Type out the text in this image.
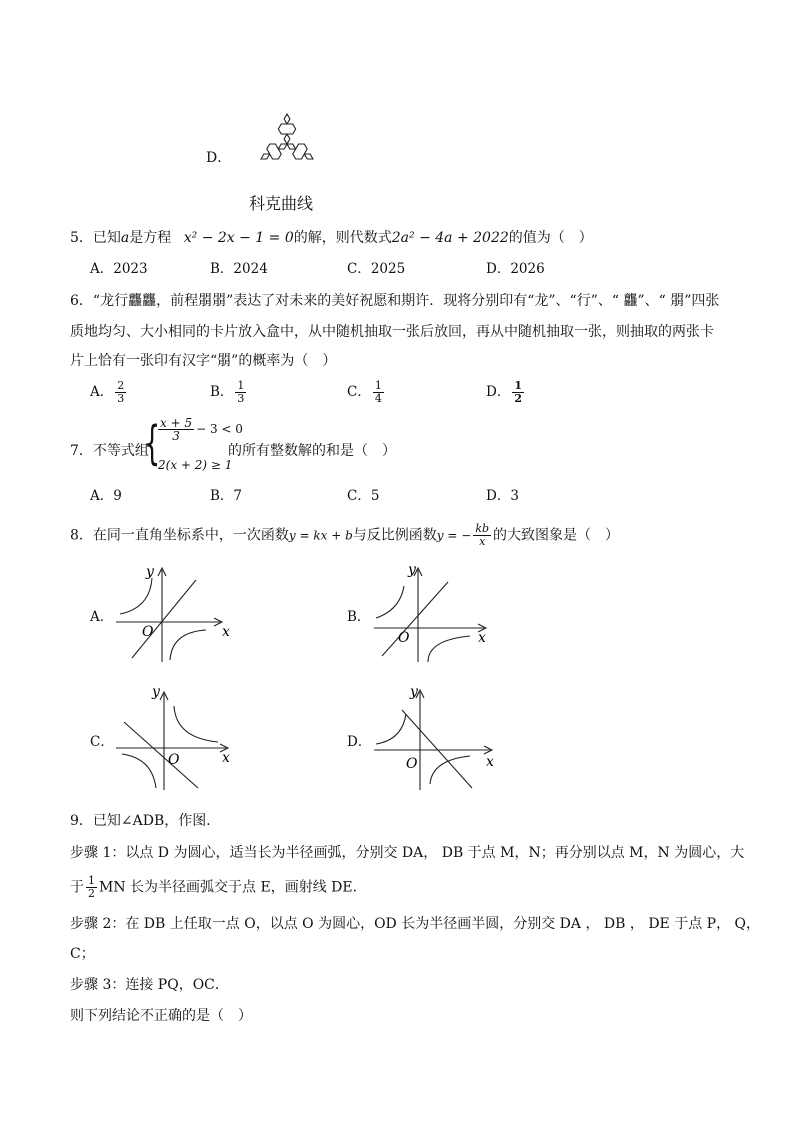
D．
科克曲线
5．已知a是方程 x² − 2x − 1 = 0的解，则代数式2a² − 4a + 2022的值为（　）
A．2023	B．2024	C．2025	D．2026
6．“龙行龘龘，前程朤朤”表达了对未来的美好祝愿和期许．现将分别印有“龙”、“行”、“ 龘”、“ 朤”四张
质地均匀、大小相同的卡片放入盒中，从中随机抽取一张后放回，再从中随机抽取一张，则抽取的两张卡
片上恰有一张印有汉字“朤”的概率为（　）
A． $\frac{2}{3}$	B． $\frac{1}{3}$	C． $\frac{1}{4}$	D． $\frac{1}{2}$
7．不等式组
{
$\frac{x + 5}{3} - 3 < 0$
2(x + 2) ≥ 1
的所有整数解的和是（　）
A．9	B．7	C．5	D．3
8．在同一直角坐标系中，一次函数y = kx + b与反比例函数y = − $\frac{kb}{x}$ 的大致图象是（　）
A．
x
y
O
B．
x
y
O
C．
x
y
O
D．
x
y
O
9．已知∠ADB，作图．
步骤 1：以点 D 为圆心，适当长为半径画弧，分别交 DA， DB 于点 M，N；再分别以点 M，N 为圆心，大
于 $\frac{1}{2}$ MN 长为半径画弧交于点 E，画射线 DE．
步骤 2：在 DB 上任取一点 O，以点 O 为圆心，OD 长为半径画半圆，分别交 DA ， DB ， DE 于点 P， Q，
C；
步骤 3：连接 PQ，OC．
则下列结论不正确的是（　）
